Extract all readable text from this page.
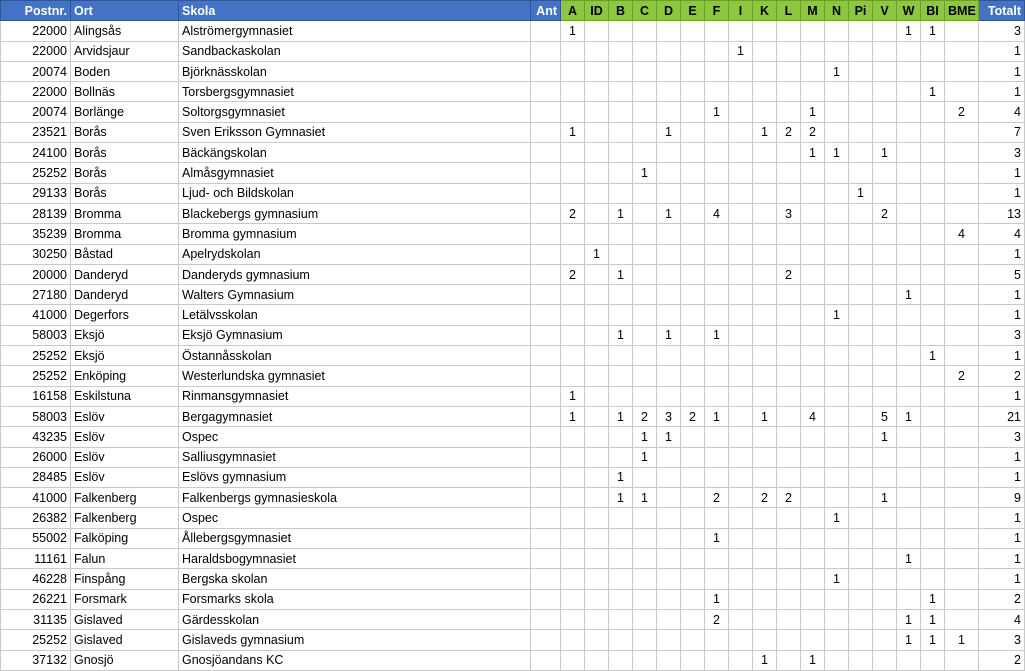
Postnr.	Ort	Skola	Ant	A	ID	B	C	D	E	F	I	K	L	M	N	Pi	V	W	BI	BME	Totalt
22000	Alingsås	Alströmergymnasiet		1														1	1		3
22000	Arvidsjaur	Sandbackaskolan									1										1
20074	Boden	Björknässkolan													1						1
22000	Bollnäs	Torsbergsgymnasiet																	1		1
20074	Borlänge	Soltorgsgymnasiet								1				1						2	4
23521	Borås	Sven Eriksson Gymnasiet		1				1				1	2	2							7
24100	Borås	Bäckängskolan												1	1		1				3
25252	Borås	Almåsgymnasiet					1														1
29133	Borås	Ljud- och Bildskolan														1					1
28139	Bromma	Blackebergs gymnasium		2		1		1		4			3				2				13
35239	Bromma	Bromma gymnasium																		4	4
30250	Båstad	Apelrydskolan			1																1
20000	Danderyd	Danderyds gymnasium		2		1							2								5
27180	Danderyd	Walters Gymnasium																1			1
41000	Degerfors	Letälvsskolan													1						1
58003	Eksjö	Eksjö Gymnasium				1		1		1											3
25252	Eksjö	Östannåsskolan																	1		1
25252	Enköping	Westerlundska gymnasiet																		2	2
16158	Eskilstuna	Rinmansgymnasiet		1																	1
58003	Eslöv	Bergagymnasiet		1		1	2	3	2	1		1		4			5	1			21
43235	Eslöv	Ospec					1	1									1				3
26000	Eslöv	Salliusgymnasiet					1														1
28485	Eslöv	Eslövs gymnasium				1															1
41000	Falkenberg	Falkenbergs gymnasieskola				1	1			2		2	2				1				9
26382	Falkenberg	Ospec													1						1
55002	Falköping	Ållebergsgymnasiet								1											1
11161	Falun	Haraldsbogymnasiet																1			1
46228	Finspång	Bergska skolan													1						1
26221	Forsmark	Forsmarks skola								1									1		2
31135	Gislaved	Gärdesskolan								2								1	1		4
25252	Gislaved	Gislaveds gymnasium																1	1	1	3
37132	Gnosjö	Gnosjöandans KC										1		1							2
